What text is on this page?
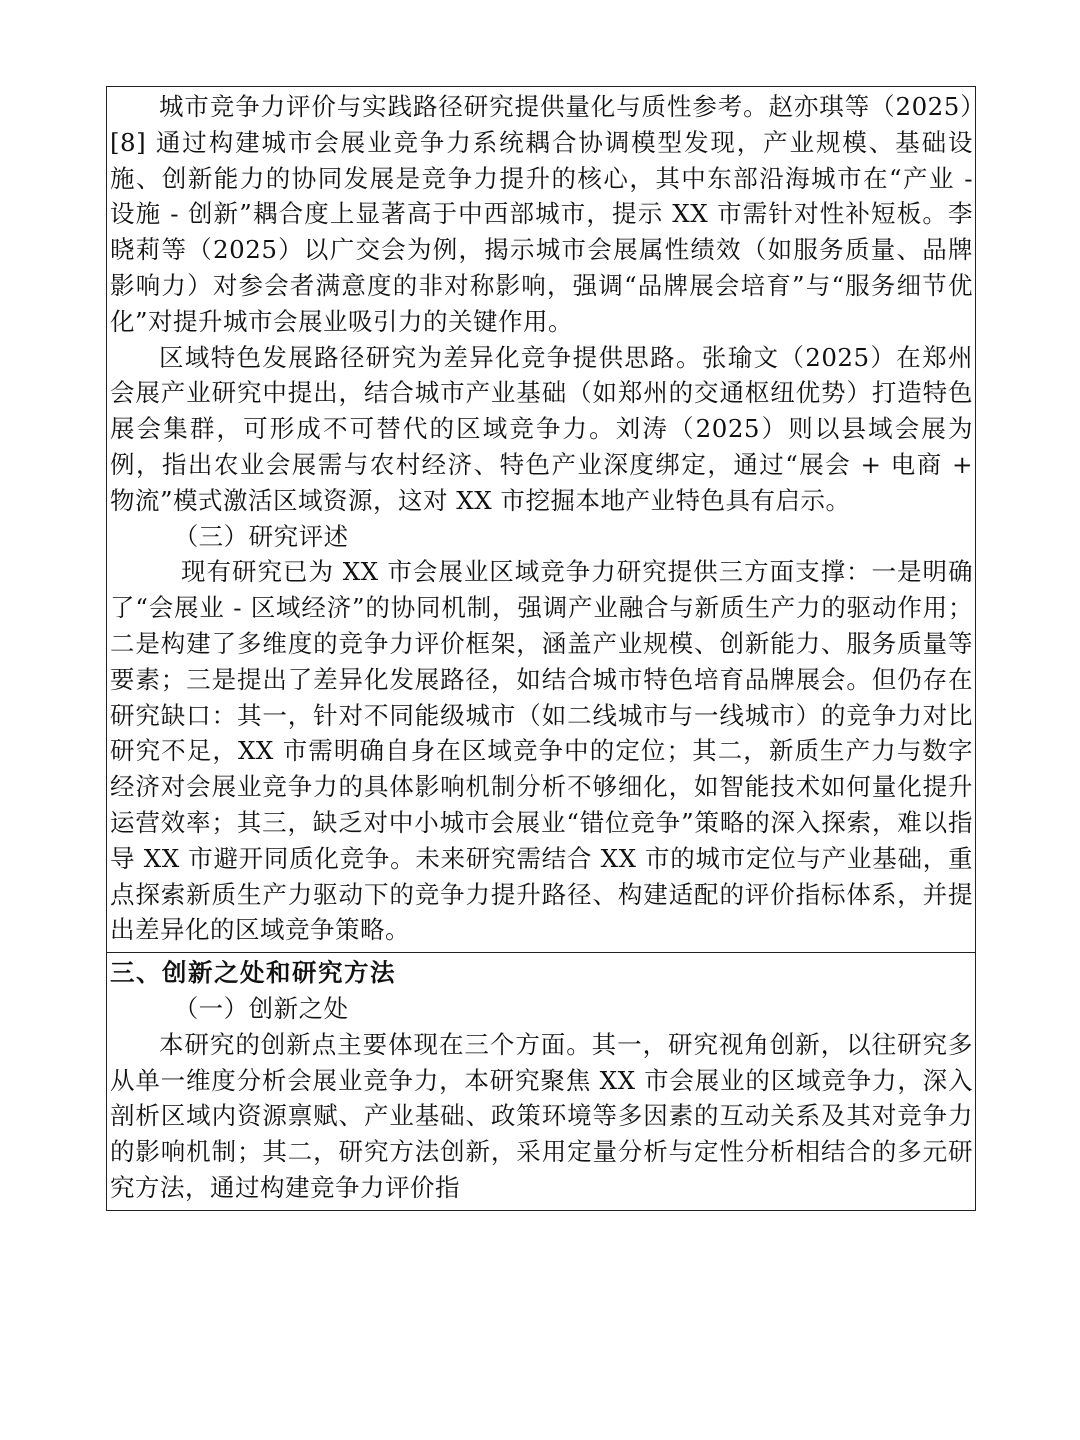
城市竞争力评价与实践路径研究提供量化与质性参考。赵亦琪等（2025）[8] 通过构建城市会展业竞争力系统耦合协调模型发现，产业规模、基础设施、创新能力的协同发展是竞争力提升的核心，其中东部沿海城市在“产业 - 设施 - 创新”耦合度上显著高于中西部城市，提示 XX 市需针对性补短板。李晓莉等（2025）以广交会为例，揭示城市会展属性绩效（如服务质量、品牌影响力）对参会者满意度的非对称影响，强调“品牌展会培育”与“服务细节优化”对提升城市会展业吸引力的关键作用。

区域特色发展路径研究为差异化竞争提供思路。张瑜文（2025）在郑州会展产业研究中提出，结合城市产业基础（如郑州的交通枢纽优势）打造特色展会集群，可形成不可替代的区域竞争力。刘涛（2025）则以县域会展为例，指出农业会展需与农村经济、特色产业深度绑定，通过“展会 + 电商 + 物流”模式激活区域资源，这对 XX 市挖掘本地产业特色具有启示。

（三）研究评述

现有研究已为 XX 市会展业区域竞争力研究提供三方面支撑：一是明确了“会展业 - 区域经济”的协同机制，强调产业融合与新质生产力的驱动作用；二是构建了多维度的竞争力评价框架，涵盖产业规模、创新能力、服务质量等要素；三是提出了差异化发展路径，如结合城市特色培育品牌展会。但仍存在研究缺口：其一，针对不同能级城市（如二线城市与一线城市）的竞争力对比研究不足，XX 市需明确自身在区域竞争中的定位；其二，新质生产力与数字经济对会展业竞争力的具体影响机制分析不够细化，如智能技术如何量化提升运营效率；其三，缺乏对中小城市会展业“错位竞争”策略的深入探索，难以指导 XX 市避开同质化竞争。未来研究需结合 XX 市的城市定位与产业基础，重点探索新质生产力驱动下的竞争力提升路径、构建适配的评价指标体系，并提出差异化的区域竞争策略。

三、创新之处和研究方法

（一）创新之处

本研究的创新点主要体现在三个方面。其一，研究视角创新，以往研究多从单一维度分析会展业竞争力，本研究聚焦 XX 市会展业的区域竞争力，深入剖析区域内资源禀赋、产业基础、政策环境等多因素的互动关系及其对竞争力的影响机制；其二，研究方法创新，采用定量分析与定性分析相结合的多元研究方法，通过构建竞争力评价指
